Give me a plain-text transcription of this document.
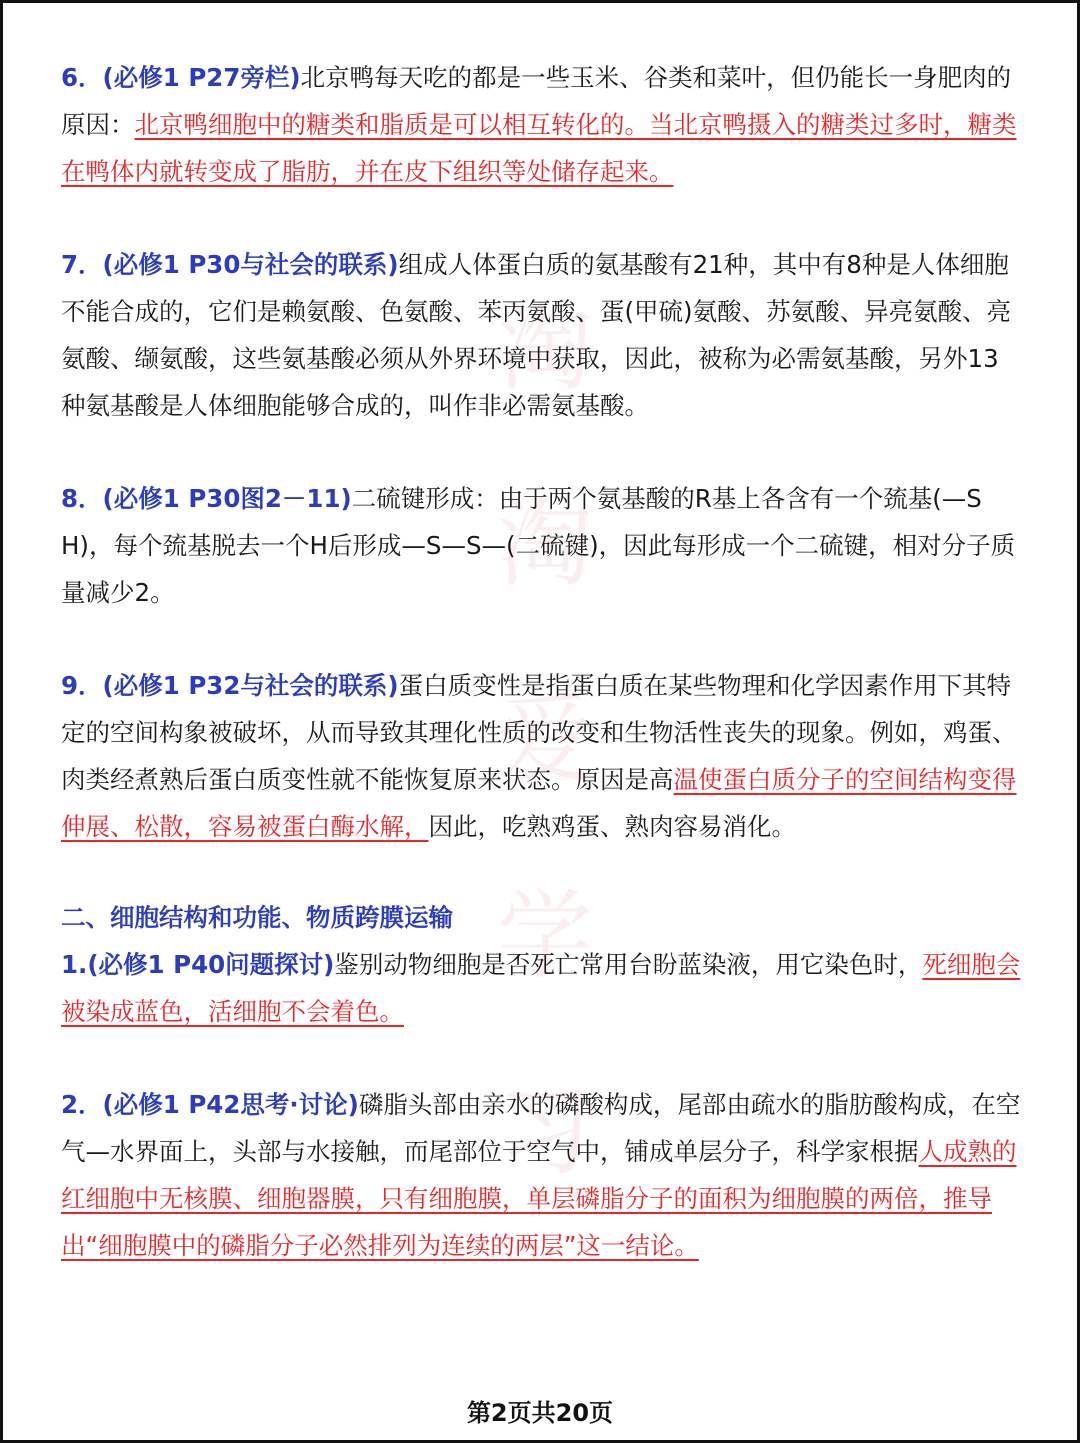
淘
淘
爱
学
习

6．(必修1 P27旁栏)北京鸭每天吃的都是一些玉米、谷类和菜叶，但仍能长一身肥肉的原因：北京鸭细胞中的糖类和脂质是可以相互转化的。当北京鸭摄入的糖类过多时，糖类在鸭体内就转变成了脂肪，并在皮下组织等处储存起来。

7．(必修1 P30与社会的联系)组成人体蛋白质的氨基酸有21种，其中有8种是人体细胞不能合成的，它们是赖氨酸、色氨酸、苯丙氨酸、蛋(甲硫)氨酸、苏氨酸、异亮氨酸、亮氨酸、缬氨酸，这些氨基酸必须从外界环境中获取，因此，被称为必需氨基酸，另外13种氨基酸是人体细胞能够合成的，叫作非必需氨基酸。

8．(必修1 P30图2－11)二硫键形成：由于两个氨基酸的R基上各含有一个巯基(—SH)，每个巯基脱去一个H后形成—S—S—(二硫键)，因此每形成一个二硫键，相对分子质量减少2。

9．(必修1 P32与社会的联系)蛋白质变性是指蛋白质在某些物理和化学因素作用下其特定的空间构象被破坏，从而导致其理化性质的改变和生物活性丧失的现象。例如，鸡蛋、肉类经煮熟后蛋白质变性就不能恢复原来状态。原因是高温使蛋白质分子的空间结构变得伸展、松散，容易被蛋白酶水解，因此，吃熟鸡蛋、熟肉容易消化。

二、细胞结构和功能、物质跨膜运输

1.(必修1 P40问题探讨)鉴别动物细胞是否死亡常用台盼蓝染液，用它染色时，死细胞会被染成蓝色，活细胞不会着色。

2．(必修1 P42思考·讨论)磷脂头部由亲水的磷酸构成，尾部由疏水的脂肪酸构成，在空气—水界面上，头部与水接触，而尾部位于空气中，铺成单层分子，科学家根据人成熟的红细胞中无核膜、细胞器膜，只有细胞膜，单层磷脂分子的面积为细胞膜的两倍，推导出“细胞膜中的磷脂分子必然排列为连续的两层”这一结论。

第2页共20页
